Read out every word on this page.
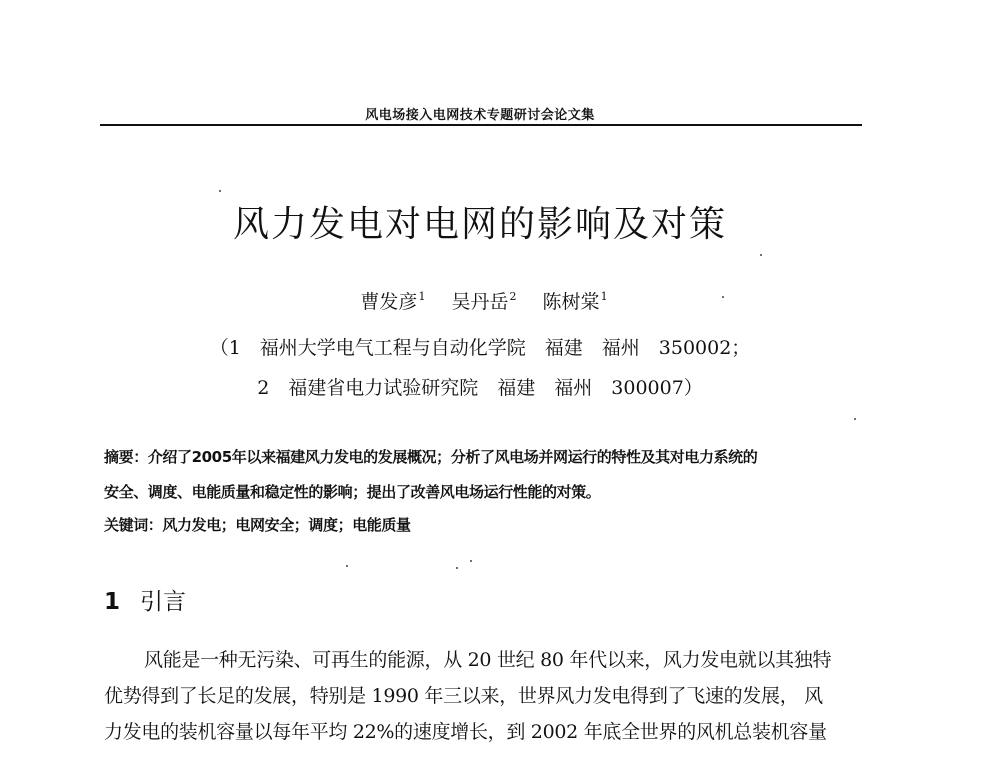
风电场接入电网技术专题研讨会论文集
风力发电对电网的影响及对策
曹发彦$^1$ 吴丹岳$^2$ 陈树棠$^1$
（1　福州大学电气工程与自动化学院　福建　福州　350002；
2　福建省电力试验研究院　福建　福州　300007）
摘要：介绍了2005年以来福建风力发电的发展概况；分析了风电场并网运行的特性及其对电力系统的
安全、调度、电能质量和稳定性的影响；提出了改善风电场运行性能的对策。
关键词：风力发电；电网安全；调度；电能质量
1 引言
风能是一种无污染、可再生的能源，从 20 世纪 80 年代以来，风力发电就以其独特
优势得到了长足的发展，特别是 1990 年三以来，世界风力发电得到了飞速的发展， 风
力发电的装机容量以每年平均 22%的速度增长，到 2002 年底全世界的风机总装机容量
